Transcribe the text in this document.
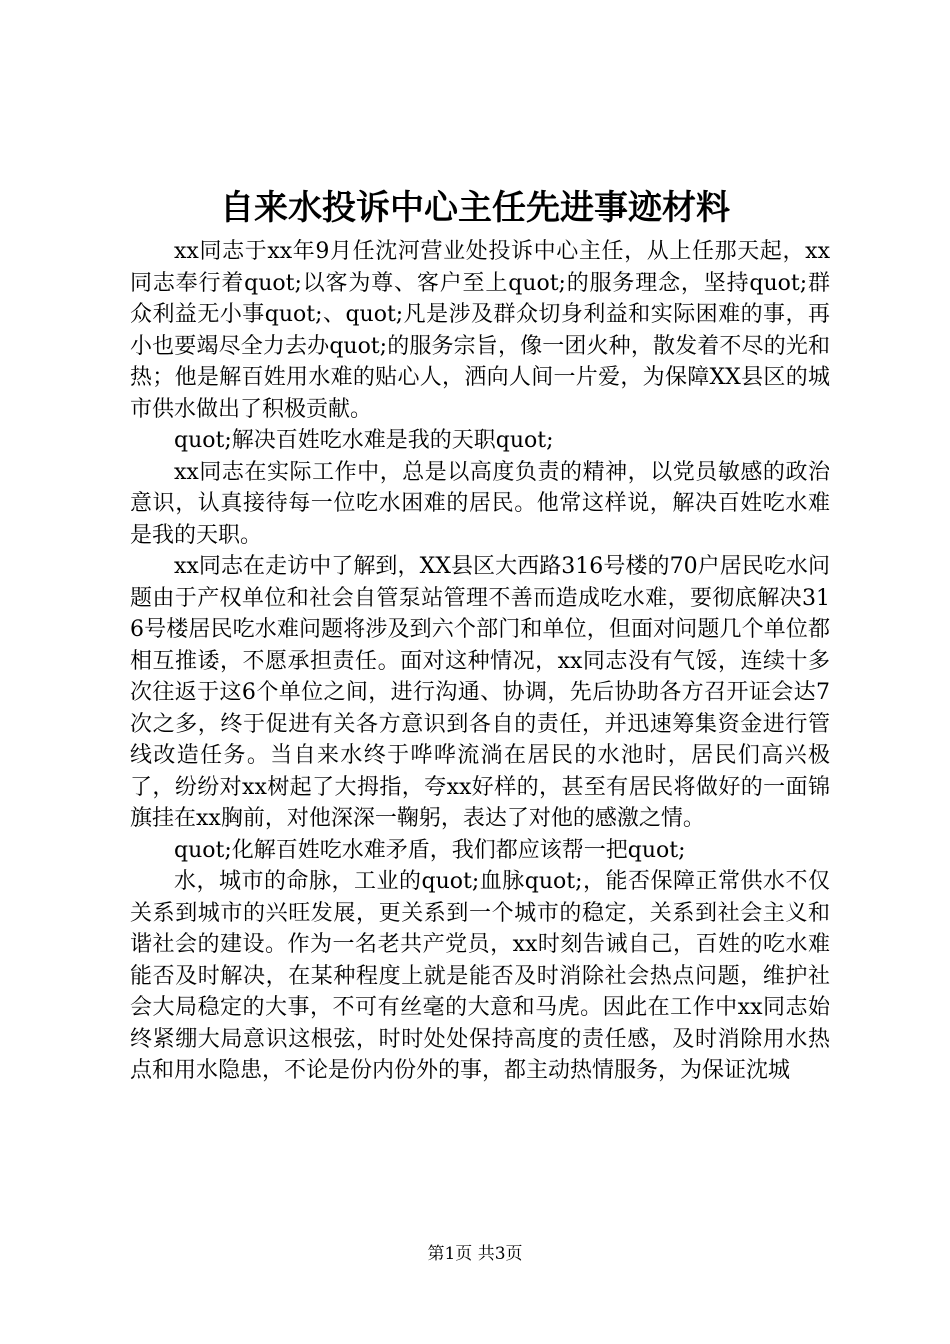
自来水投诉中心主任先进事迹材料

xx同志于xx年9月任沈河营业处投诉中心主任，从上任那天起，xx同志奉行着quot;以客为尊、客户至上quot;的服务理念，坚持quot;群众利益无小事quot;、quot;凡是涉及群众切身利益和实际困难的事，再小也要竭尽全力去办quot;的服务宗旨，像一团火种，散发着不尽的光和热；他是解百姓用水难的贴心人，洒向人间一片爱，为保障XX县区的城市供水做出了积极贡献。

quot;解决百姓吃水难是我的天职quot;

xx同志在实际工作中，总是以高度负责的精神，以党员敏感的政治意识，认真接待每一位吃水困难的居民。他常这样说，解决百姓吃水难是我的天职。

xx同志在走访中了解到，XX县区大西路316号楼的70户居民吃水问题由于产权单位和社会自管泵站管理不善而造成吃水难，要彻底解决316号楼居民吃水难问题将涉及到六个部门和单位，但面对问题几个单位都相互推诿，不愿承担责任。面对这种情况，xx同志没有气馁，连续十多次往返于这6个单位之间，进行沟通、协调，先后协助各方召开证会达7次之多，终于促进有关各方意识到各自的责任，并迅速筹集资金进行管线改造任务。当自来水终于哗哗流淌在居民的水池时，居民们高兴极了，纷纷对xx树起了大拇指，夸xx好样的，甚至有居民将做好的一面锦旗挂在xx胸前，对他深深一鞠躬，表达了对他的感激之情。

quot;化解百姓吃水难矛盾，我们都应该帮一把quot;

水，城市的命脉，工业的quot;血脉quot;，能否保障正常供水不仅关系到城市的兴旺发展，更关系到一个城市的稳定，关系到社会主义和谐社会的建设。作为一名老共产党员，xx时刻告诫自己，百姓的吃水难能否及时解决，在某种程度上就是能否及时消除社会热点问题，维护社会大局稳定的大事，不可有丝毫的大意和马虎。因此在工作中xx同志始终紧绷大局意识这根弦，时时处处保持高度的责任感，及时消除用水热点和用水隐患，不论是份内份外的事，都主动热情服务，为保证沈城

第1页 共3页
